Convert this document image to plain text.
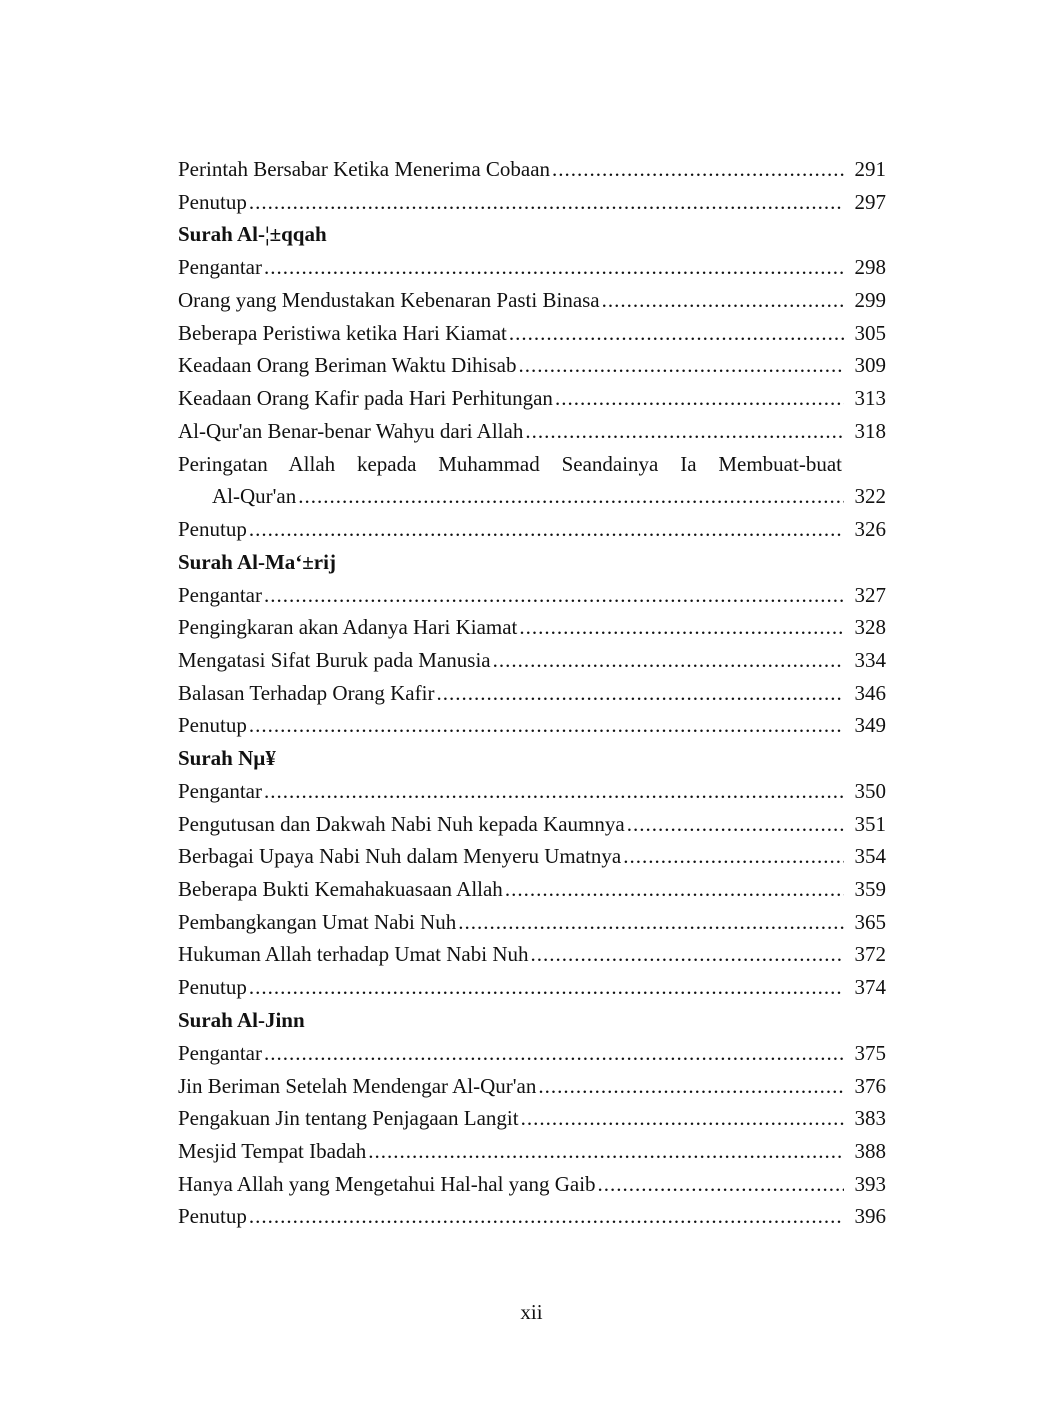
Perintah Bersabar Ketika Menerima Cobaan .....	291
Penutup .....	297
Surah Al-¦±qqah
Pengantar .....	298
Orang yang Mendustakan Kebenaran Pasti Binasa .....	299
Beberapa Peristiwa ketika Hari Kiamat .....	305
Keadaan Orang Beriman Waktu Dihisab .....	309
Keadaan Orang Kafir pada Hari Perhitungan .....	313
Al-Qur'an Benar-benar Wahyu dari Allah .....	318
Peringatan Allah kepada Muhammad Seandainya Ia Membuat-buat
Al-Qur'an .....	322
Penutup .....	326
Surah Al-Ma‘±rij
Pengantar .....	327
Pengingkaran akan Adanya Hari Kiamat .....	328
Mengatasi Sifat Buruk pada Manusia .....	334
Balasan Terhadap Orang Kafir .....	346
Penutup .....	349
Surah Nµ¥
Pengantar .....	350
Pengutusan dan Dakwah Nabi Nuh kepada Kaumnya .....	351
Berbagai Upaya Nabi Nuh dalam Menyeru Umatnya .....	354
Beberapa Bukti Kemahakuasaan Allah .....	359
Pembangkangan Umat Nabi Nuh .....	365
Hukuman Allah terhadap Umat Nabi Nuh .....	372
Penutup .....	374
Surah Al-Jinn
Pengantar .....	375
Jin Beriman Setelah Mendengar Al-Qur'an .....	376
Pengakuan Jin tentang Penjagaan Langit .....	383
Mesjid Tempat Ibadah .....	388
Hanya Allah yang Mengetahui Hal-hal yang Gaib .....	393
Penutup .....	396
xii
